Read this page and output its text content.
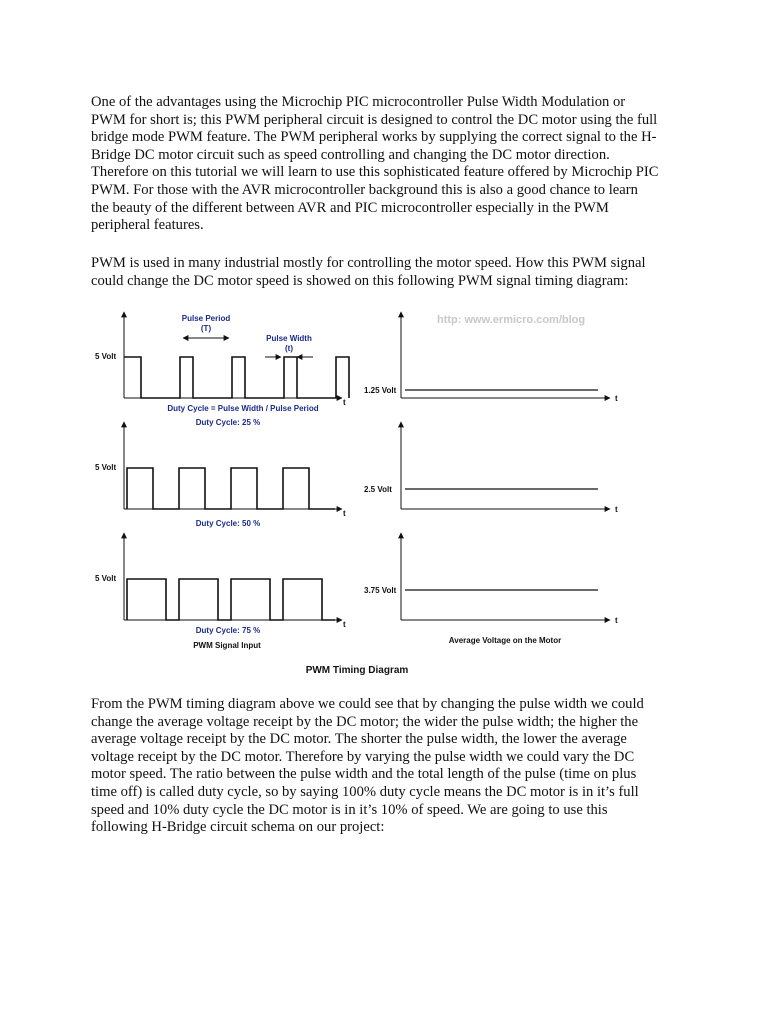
One of the advantages using the Microchip PIC microcontroller Pulse Width Modulation or
PWM for short is; this PWM peripheral circuit is designed to control the DC motor using the full
bridge mode PWM feature. The PWM peripheral works by supplying the correct signal to the H-
Bridge DC motor circuit such as speed controlling and changing the DC motor direction.
Therefore on this tutorial we will learn to use this sophisticated feature offered by Microchip PIC
PWM. For those with the AVR microcontroller background this is also a good chance to learn
the beauty of the different between AVR and PIC microcontroller especially in the PWM
peripheral features.

PWM is used in many industrial mostly for controlling the motor speed. How this PWM signal
could change the DC motor speed is showed on this following PWM signal timing diagram:

http: www.ermicro.com/blog
Pulse Period
(T)
Pulse Width
(t)
Duty Cycle = Pulse Width / Pulse Period
t
5 Volt
Duty Cycle: 25 %
t
1.25 Volt
t
5 Volt
Duty Cycle: 50 %
t
2.5 Volt
t
5 Volt
Duty Cycle: 75 %
t
3.75 Volt
PWM Signal Input
Average Voltage on the Motor
PWM Timing Diagram

From the PWM timing diagram above we could see that by changing the pulse width we could
change the average voltage receipt by the DC motor; the wider the pulse width; the higher the
average voltage receipt by the DC motor. The shorter the pulse width, the lower the average
voltage receipt by the DC motor. Therefore by varying the pulse width we could vary the DC
motor speed. The ratio between the pulse width and the total length of the pulse (time on plus
time off) is called duty cycle, so by saying 100% duty cycle means the DC motor is in it’s full
speed and 10% duty cycle the DC motor is in it’s 10% of speed. We are going to use this
following H-Bridge circuit schema on our project:
